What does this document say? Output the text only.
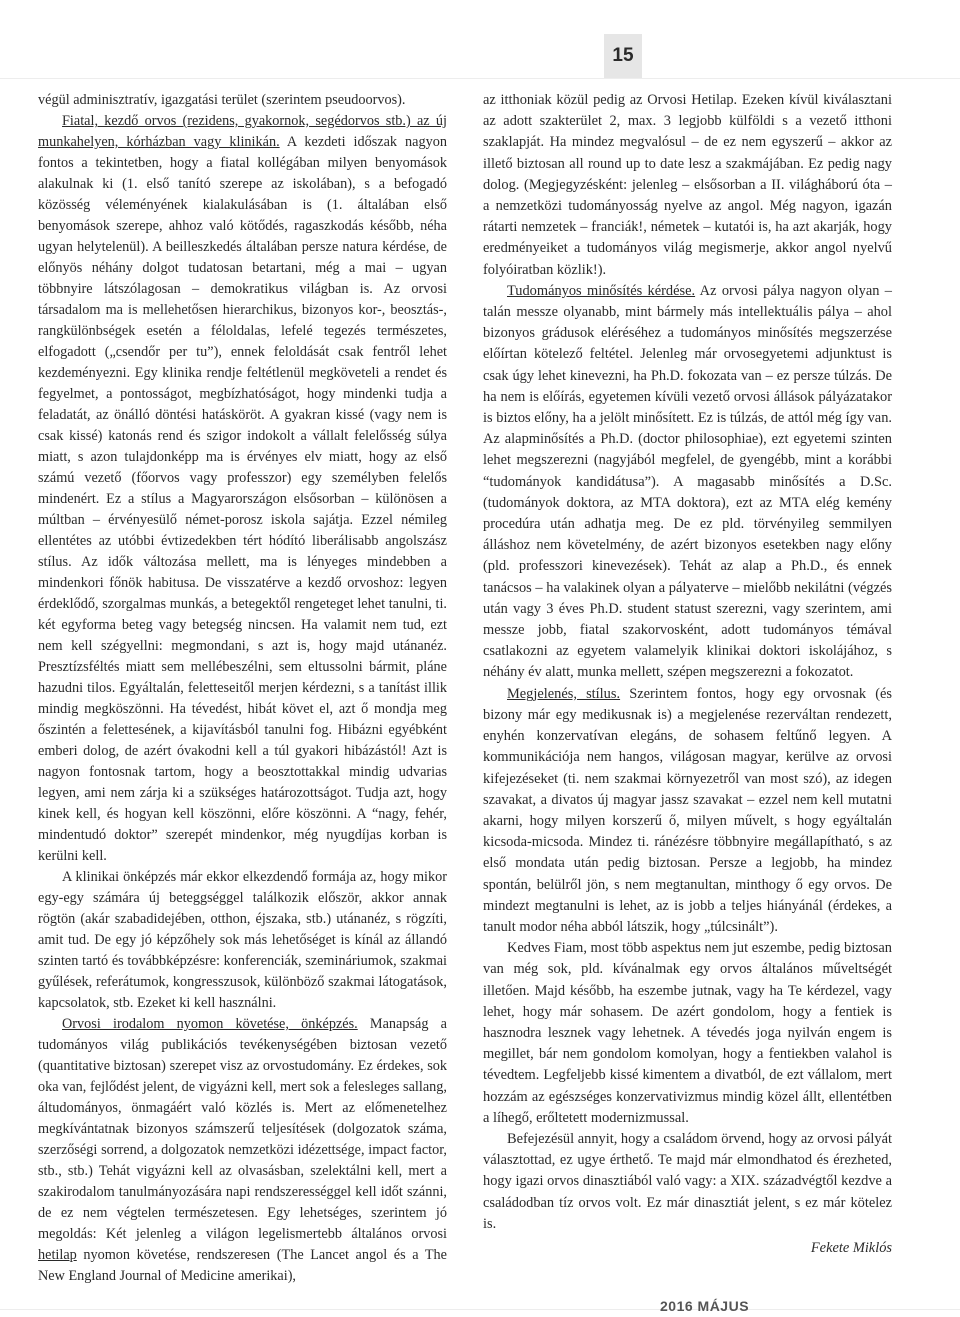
15

végül adminisztratív, igazgatási terület (szerintem pseudoorvos).

Fiatal, kezdő orvos (rezidens, gyakornok, segédorvos stb.) az új munkahelyen, kórházban vagy klinikán. A kezdeti időszak nagyon fontos a tekintetben, hogy a fiatal kollégában milyen benyomások alakulnak ki (1. első tanító szerepe az iskolában), s a befogadó közösség véleményének kialakulásában is (1. általában első benyomások szerepe, ahhoz való kötődés, ragaszkodás később, néha ugyan helytelenül). A beilleszkedés általában persze natura kérdése, de előnyös néhány dolgot tudatosan betartani, még a mai – ugyan többnyire látszólagosan – demokratikus világban is. Az orvosi társadalom ma is mellehetősen hierarchikus, bizonyos kor-, beosztás-, rangkülönbségek esetén a féloldalas, lefelé tegezés természetes, elfogadott („csendőr per tu”), ennek feloldását csak fentről lehet kezdeményezni. Egy klinika rendje feltétlenül megköveteli a rendet és fegyelmet, a pontosságot, megbízhatóságot, hogy mindenki tudja a feladatát, az önálló döntési hatásköröt. A gyakran kissé (vagy nem is csak kissé) katonás rend és szigor indokolt a vállalt felelősség súlya miatt, s azon tulajdonképp ma is érvényes elv miatt, hogy az első számú vezető (főorvos vagy professzor) egy személyben felelős mindenért. Ez a stílus a Magyarországon elsősorban – különösen a múltban – érvényesülő német-porosz iskola sajátja. Ezzel némileg ellentétes az utóbbi évtizedekben tért hódító liberálisabb angolszász stílus. Az idők változása mellett, ma is lényeges mindebben a mindenkori főnök habitusa. De visszatérve a kezdő orvoshoz: legyen érdeklődő, szorgalmas munkás, a betegektől rengeteget lehet tanulni, ti. két egyforma beteg vagy betegség nincsen. Ha valamit nem tud, ezt nem kell szégyellni: megmondani, s azt is, hogy majd utánanéz. Presztízsféltés miatt sem mellébeszélni, sem eltussolni bármit, pláne hazudni tilos. Egyáltalán, feletteseitől merjen kérdezni, s a tanítást illik mindig megköszönni. Ha tévedést, hibát követ el, azt ő mondja meg őszintén a felettesének, a kijavításból tanulni fog. Hibázni egyébként emberi dolog, de azért óvakodni kell a túl gyakori hibázástól! Azt is nagyon fontosnak tartom, hogy a beosztottakkal mindig udvarias legyen, ami nem zárja ki a szükséges határozottságot. Tudja azt, hogy kinek kell, és hogyan kell köszönni, előre köszönni. A “nagy, fehér, mindentudó doktor” szerepét mindenkor, még nyugdíjas korban is kerülni kell.

A klinikai önképzés már ekkor elkezdendő formája az, hogy mikor egy-egy számára új beteggséggel találkozik először, akkor annak rögtön (akár szabadidejében, otthon, éjszaka, stb.) utánanéz, s rögzíti, amit tud. De egy jó képzőhely sok más lehetőséget is kínál az állandó szinten tartó és továbbképzésre: konferenciák, szemináriumok, szakmai gyűlések, referátumok, kongresszusok, különböző szakmai látogatások, kapcsolatok, stb. Ezeket ki kell használni.

Orvosi irodalom nyomon követése, önképzés. Manapság a tudományos világ publikációs tevékenységében biztosan vezető (quantitative biztosan) szerepet visz az orvostudomány. Ez érdekes, sok oka van, fejlődést jelent, de vigyázni kell, mert sok a felesleges sallang, áltudományos, önmagáért való közlés is. Mert az előmenetelhez megkívántatnak bizonyos számszerű teljesítések (dolgozatok száma, szerzőségi sorrend, a dolgozatok nemzetközi idézettsége, impact factor, stb., stb.) Tehát vigyázni kell az olvasásban, szelektálni kell, mert a szakirodalom tanulmányozására napi rendszerességgel kell időt szánni, de ez nem végtelen természetesen. Egy lehetséges, szerintem jó megoldás: Két jelenleg a világon legelismertebb általános orvosi hetilap nyomon követése, rendszeresen (The Lancet angol és a The New England Journal of Medicine amerikai),

az itthoniak közül pedig az Orvosi Hetilap. Ezeken kívül kiválasztani az adott szakterület 2, max. 3 legjobb külföldi s a vezető itthoni szaklapját. Ha mindez megvalósul – de ez nem egyszerű – akkor az illető biztosan all round up to date lesz a szakmájában. Ez pedig nagy dolog. (Megjegyzésként: jelenleg – elsősorban a II. világháború óta – a nemzetközi tudományosság nyelve az angol. Még nagyon, igazán rátarti nemzetek – franciák!, németek – kutatói is, ha azt akarják, hogy eredményeiket a tudományos világ megismerje, akkor angol nyelvű folyóiratban közlik!).

Tudományos minősítés kérdése. Az orvosi pálya nagyon olyan – talán messze olyanabb, mint bármely más intellektuális pálya – ahol bizonyos grádusok eléréséhez a tudományos minősítés megszerzése előírtan kötelező feltétel. Jelenleg már orvosegyetemi adjunktust is csak úgy lehet kinevezni, ha Ph.D. fokozata van – ez persze túlzás. De ha nem is előírás, egyetemen kívüli vezető orvosi állások pályázatakor is biztos előny, ha a jelölt minősített. Ez is túlzás, de attól még így van. Az alapminősítés a Ph.D. (doctor philosophiae), ezt egyetemi szinten lehet megszerezni (nagyjából megfelel, de gyengébb, mint a korábbi “tudományok kandidátusa”). A magasabb minősítés a D.Sc. (tudományok doktora, az MTA doktora), ezt az MTA elég kemény procedúra után adhatja meg. De ez pld. törvényileg semmilyen álláshoz nem követelmény, de azért bizonyos esetekben nagy előny (pld. professzori kinevezések). Tehát az alap a Ph.D., és ennek tanácsos – ha valakinek olyan a pályaterve – mielőbb nekilátni (végzés után vagy 3 éves Ph.D. student statust szerezni, vagy szerintem, ami messze jobb, fiatal szakorvosként, adott tudományos témával csatlakozni az egyetem valamelyik klinikai doktori iskolájához, s néhány év alatt, munka mellett, szépen megszerezni a fokozatot.

Megjelenés, stílus. Szerintem fontos, hogy egy orvosnak (és bizony már egy medikusnak is) a megjelenése rezerváltan rendezett, enyhén konzervatívan elegáns, de sohasem feltűnő legyen. A kommunikációja nem hangos, világosan magyar, kerülve az orvosi kifejezéseket (ti. nem szakmai környezetről van most szó), az idegen szavakat, a divatos új magyar jassz szavakat – ezzel nem kell mutatni akarni, hogy milyen korszerű ő, milyen művelt, s hogy egyáltalán kicsoda-micsoda. Mindez ti. ránézésre többnyire megállapítható, s az első mondata után pedig biztosan. Persze a legjobb, ha mindez spontán, belülről jön, s nem megtanultan, minthogy ő egy orvos. De mindezt megtanulni is lehet, az is jobb a teljes hiányánál (érdekes, a tanult modor néha abból látszik, hogy „túlcsinált”).

Kedves Fiam, most több aspektus nem jut eszembe, pedig biztosan van még sok, pld. kívánalmak egy orvos általános műveltségét illetően. Majd később, ha eszembe jutnak, vagy ha Te kérdezel, vagy lehet, hogy már sohasem. De azért gondolom, hogy a fentiek is hasznodra lesznek vagy lehetnek. A tévedés joga nyilván engem is megillet, bár nem gondolom komolyan, hogy a fentiekben valahol is tévedtem. Legfeljebb kissé kimentem a divatból, de ezt vállalom, mert hozzám az egészséges konzervativizmus mindig közel állt, ellentétben a líhegő, erőltetett modernizmussal.

Befejezésül annyit, hogy a családom örvend, hogy az orvosi pályát választottad, ez ugye érthető. Te majd már elmondhatod és érezheted, hogy igazi orvos dinasztiából való vagy: a XIX. századvégtől kezdve a családodban tíz orvos volt. Ez már dinasztiát jelent, s ez már kötelez is.

Fekete Miklós

2016 MÁJUS
